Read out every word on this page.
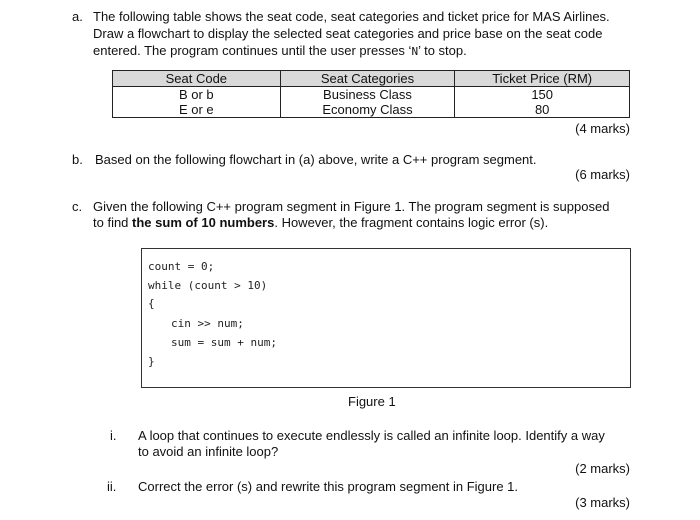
a. The following table shows the seat code, seat categories and ticket price for MAS Airlines.
Draw a flowchart to display the selected seat categories and price base on the seat code
entered. The program continues until the user presses ‘N’ to stop.
Seat Code	Seat Categories	Ticket Price (RM)
B or b	Business Class	150
E or e	Economy Class	80
(4 marks)
b. Based on the following flowchart in (a) above, write a C++ program segment.
(6 marks)
c. Given the following C++ program segment in Figure 1. The program segment is supposed
to find the sum of 10 numbers. However, the fragment contains logic error (s).
count = 0;
while (count > 10)
{
cin >> num;
sum = sum + num;
}
Figure 1
i. A loop that continues to execute endlessly is called an infinite loop. Identify a way
to avoid an infinite loop?
(2 marks)
ii. Correct the error (s) and rewrite this program segment in Figure 1.
(3 marks)
